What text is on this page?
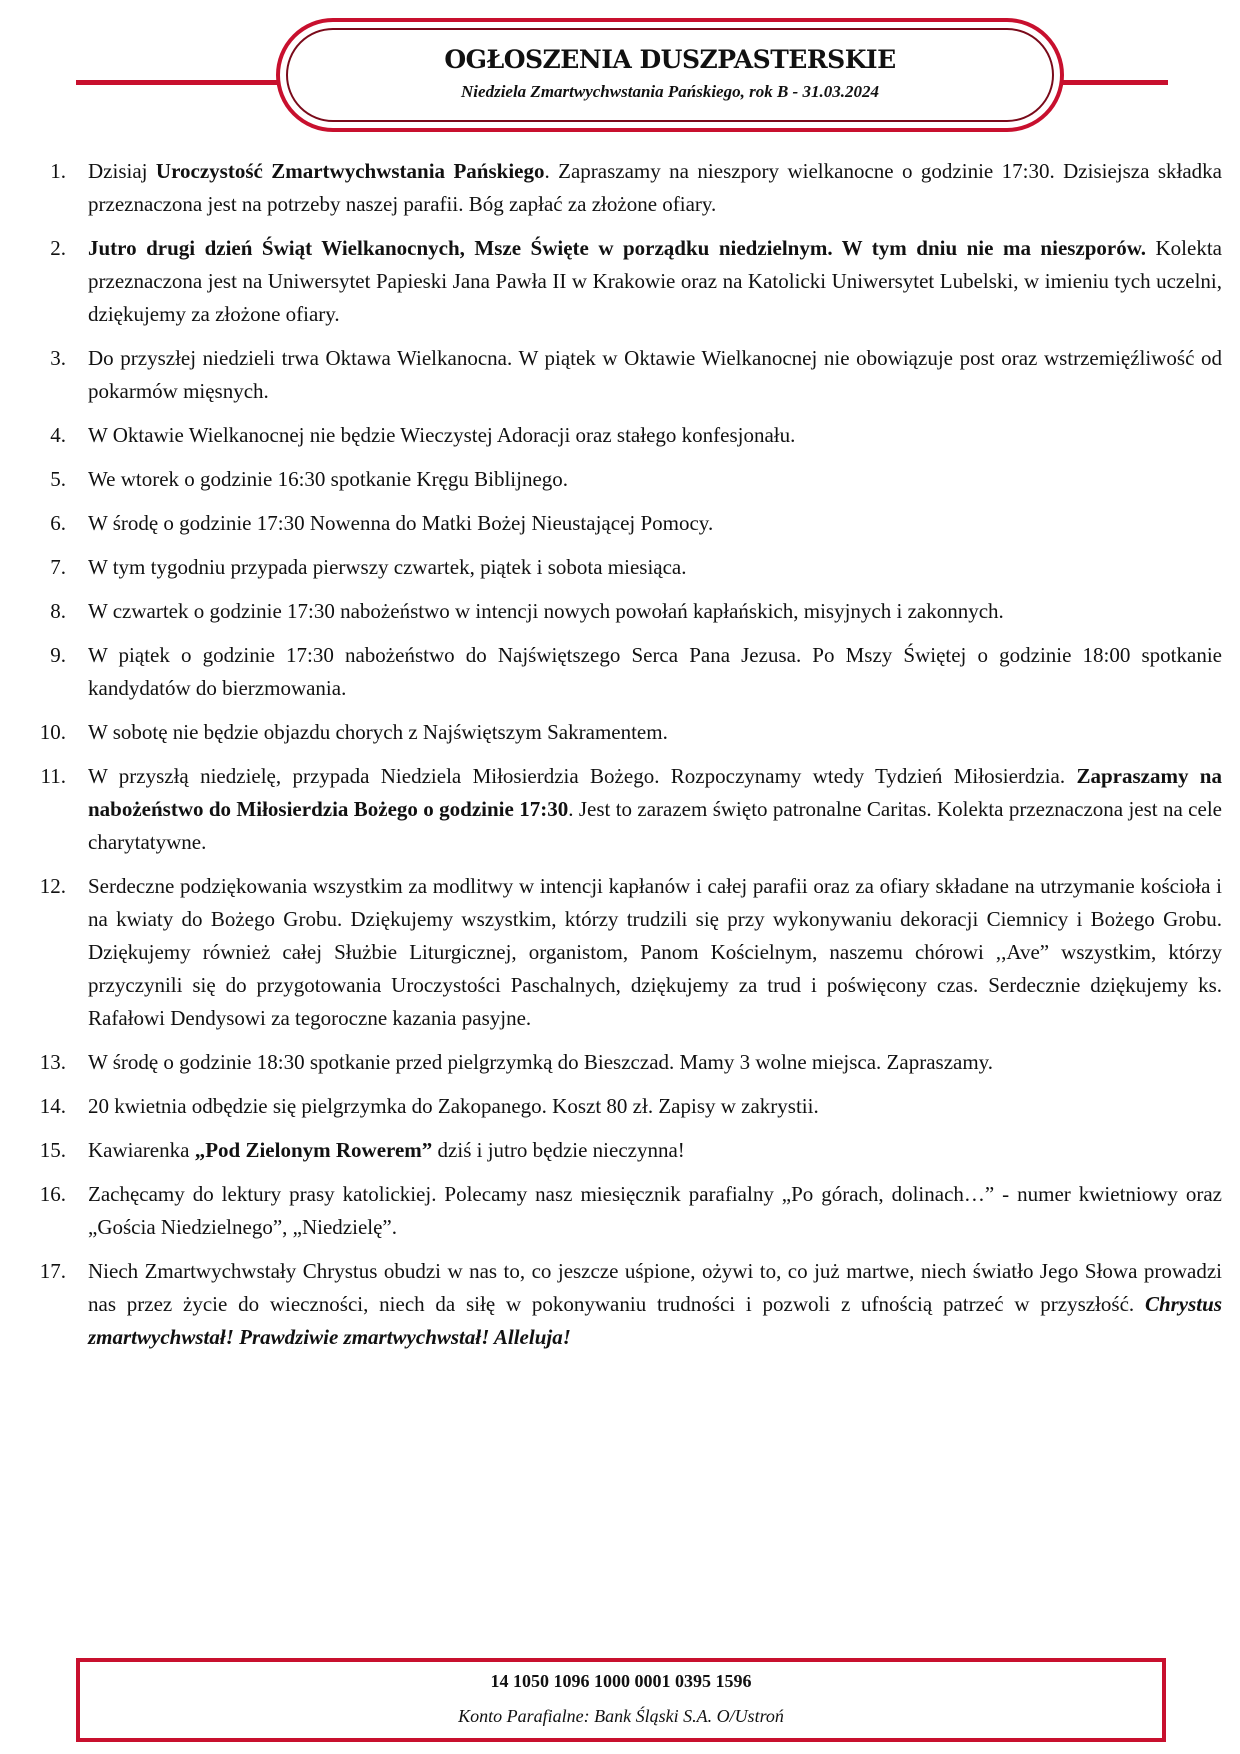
OGŁOSZENIA DUSZPASTERSKIE
Niedziela Zmartwychwstania Pańskiego, rok B - 31.03.2024
1.	Dzisiaj Uroczystość Zmartwychwstania Pańskiego. Zapraszamy na nieszpory wielkanocne o godzinie 17:30. Dzisiejsza składka przeznaczona jest na potrzeby naszej parafii. Bóg zapłać za złożone ofiary.
2.	Jutro drugi dzień Świąt Wielkanocnych, Msze Święte w porządku niedzielnym. W tym dniu nie ma nieszporów. Kolekta przeznaczona jest na Uniwersytet Papieski Jana Pawła II w Krakowie oraz na Katolicki Uniwersytet Lubelski, w imieniu tych uczelni, dziękujemy za złożone ofiary.
3.	Do przyszłej niedzieli trwa Oktawa Wielkanocna. W piątek w Oktawie Wielkanocnej nie obowiązuje post oraz wstrzemięźliwość od pokarmów mięsnych.
4.	W Oktawie Wielkanocnej nie będzie Wieczystej Adoracji oraz stałego konfesjonału.
5.	We wtorek o godzinie 16:30 spotkanie Kręgu Biblijnego.
6.	W środę o godzinie 17:30 Nowenna do Matki Bożej Nieustającej Pomocy.
7.	W tym tygodniu przypada pierwszy czwartek, piątek i sobota miesiąca.
8.	W czwartek o godzinie 17:30 nabożeństwo w intencji nowych powołań kapłańskich, misyjnych i zakonnych.
9.	W piątek o godzinie 17:30 nabożeństwo do Najświętszego Serca Pana Jezusa. Po Mszy Świętej o godzinie 18:00 spotkanie kandydatów do bierzmowania.
10.	W sobotę nie będzie objazdu chorych z Najświętszym Sakramentem.
11.	W przyszłą niedzielę, przypada Niedziela Miłosierdzia Bożego. Rozpoczynamy wtedy Tydzień Miłosierdzia. Zapraszamy na nabożeństwo do Miłosierdzia Bożego o godzinie 17:30. Jest to zarazem święto patronalne Caritas. Kolekta przeznaczona jest na cele charytatywne.
12.	Serdeczne podziękowania wszystkim za modlitwy w intencji kapłanów i całej parafii oraz za ofiary składane na utrzymanie kościoła i na kwiaty do Bożego Grobu. Dziękujemy wszystkim, którzy trudzili się przy wykonywaniu dekoracji Ciemnicy i Bożego Grobu. Dziękujemy również całej Służbie Liturgicznej, organistom, Panom Kościelnym, naszemu chórowi ,,Ave” wszystkim, którzy przyczynili się do przygotowania Uroczystości Paschalnych, dziękujemy za trud i poświęcony czas. Serdecznie dziękujemy ks. Rafałowi Dendysowi za tegoroczne kazania pasyjne.
13.	W środę o godzinie 18:30 spotkanie przed pielgrzymką do Bieszczad. Mamy 3 wolne miejsca. Zapraszamy.
14.	20 kwietnia odbędzie się pielgrzymka do Zakopanego. Koszt 80 zł. Zapisy w zakrystii.
15.	Kawiarenka „Pod Zielonym Rowerem” dziś i jutro będzie nieczynna!
16.	Zachęcamy do lektury prasy katolickiej. Polecamy nasz miesięcznik parafialny „Po górach, dolinach…” - numer kwietniowy oraz „Gościa Niedzielnego”, „Niedzielę”.
17.	Niech Zmartwychwstały Chrystus obudzi w nas to, co jeszcze uśpione, ożywi to, co już martwe, niech światło Jego Słowa prowadzi nas przez życie do wieczności, niech da siłę w pokonywaniu trudności i pozwoli z ufnością patrzeć w przyszłość. Chrystus zmartwychwstał! Prawdziwie zmartwychwstał! Alleluja!
14 1050 1096 1000 0001 0395 1596
Konto Parafialne: Bank Śląski S.A. O/Ustroń
